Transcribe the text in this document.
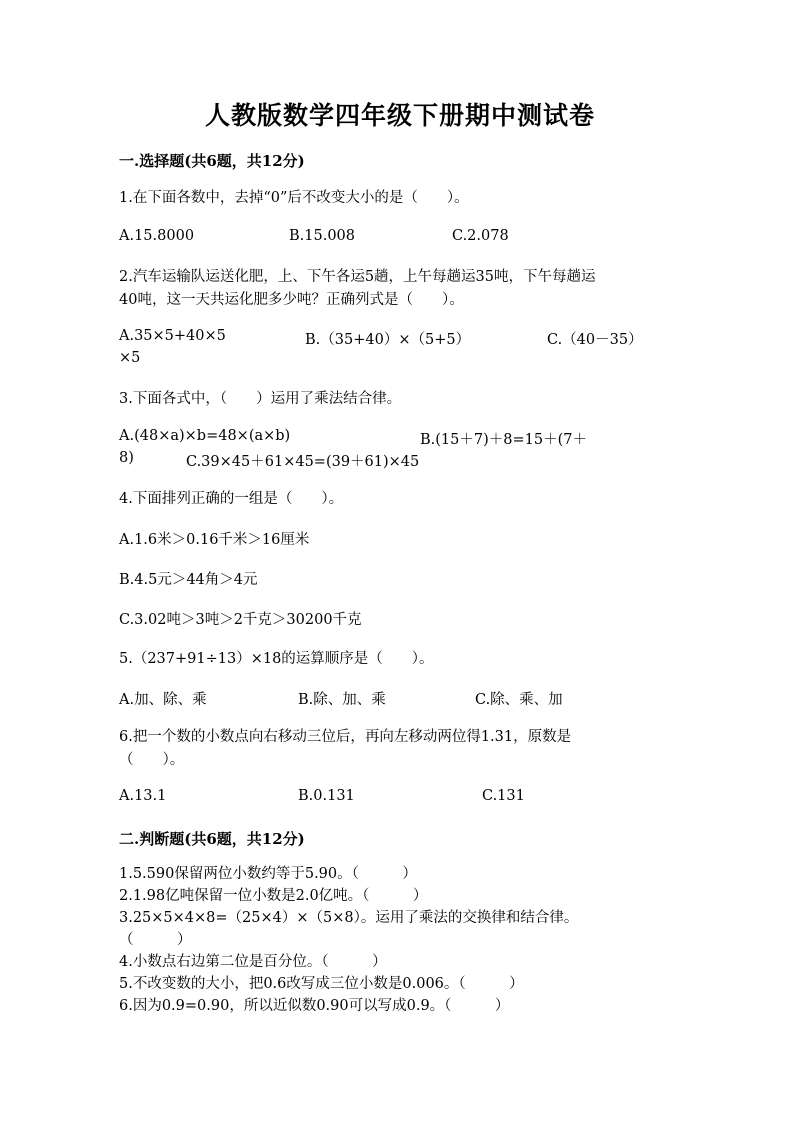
人教版数学四年级下册期中测试卷
一.选择题(共6题，共12分)
1.在下面各数中，去掉“0”后不改变大小的是（　　）。
A.15.8000	B.15.008	C.2.078
2.汽车运输队运送化肥，上、下午各运5趟，上午每趟运35吨，下午每趟运
40吨，这一天共运化肥多少吨？正确列式是（　　）。
A.35×5+40×5	B.（35+40）×（5+5）	C.（40－35）
×5
3.下面各式中，（　　）运用了乘法结合律。
A.(48×a)×b=48×(a×b)	B.(15＋7)＋8=15＋(7＋
8)	C.39×45＋61×45=(39＋61)×45
4.下面排列正确的一组是（　　）。
A.1.6米＞0.16千米＞16厘米
B.4.5元＞44角＞4元
C.3.02吨＞3吨＞2千克＞30200千克
5.（237+91÷13）×18的运算顺序是（　　）。
A.加、除、乘	B.除、加、乘	C.除、乘、加
6.把一个数的小数点向右移动三位后，再向左移动两位得1.31，原数是
（　　）。
A.13.1	B.0.131	C.131
二.判断题(共6题，共12分)
1.5.590保留两位小数约等于5.90。（　　　）
2.1.98亿吨保留一位小数是2.0亿吨。（　　　）
3.25×5×4×8=（25×4）×（5×8）。运用了乘法的交换律和结合律。
（　　　）
4.小数点右边第二位是百分位。（　　　）
5.不改变数的大小，把0.6改写成三位小数是0.006。（　　　）
6.因为0.9=0.90，所以近似数0.90可以写成0.9。（　　　）
